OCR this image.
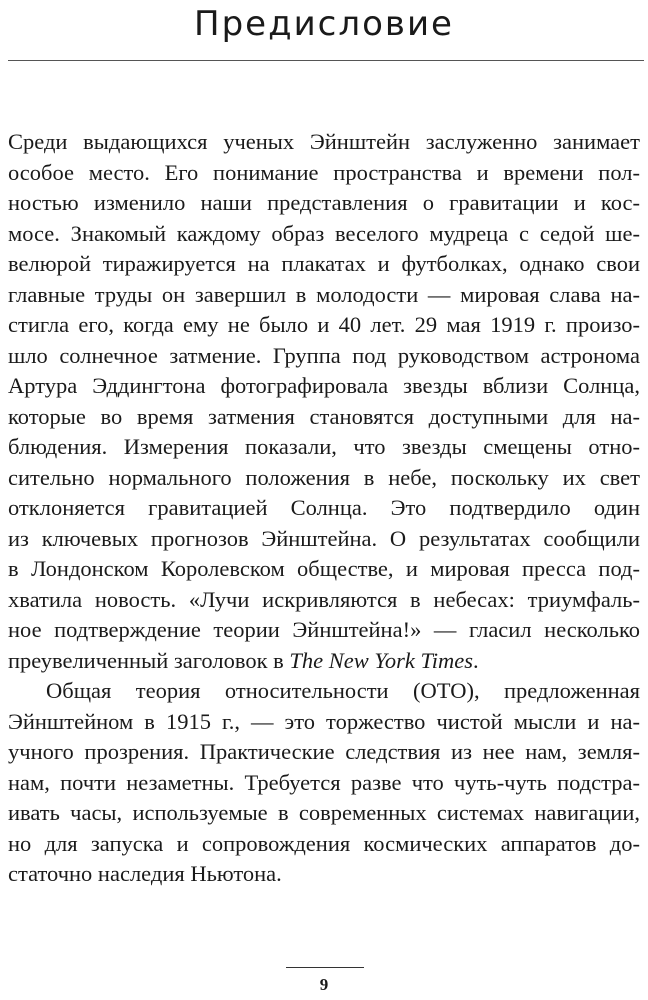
Предисловие
Среди выдающихся ученых Эйнштейн заслуженно занимает
особое место. Его понимание пространства и времени пол-
ностью изменило наши представления о гравитации и кос-
мосе. Знакомый каждому образ веселого мудреца с седой ше-
велюрой тиражируется на плакатах и футболках, однако свои
главные труды он завершил в молодости — мировая слава на-
стигла его, когда ему не было и 40 лет. 29 мая 1919 г. произо-
шло солнечное затмение. Группа под руководством астронома
Артура Эддингтона фотографировала звезды вблизи Солнца,
которые во время затмения становятся доступными для на-
блюдения. Измерения показали, что звезды смещены отно-
сительно нормального положения в небе, поскольку их свет
отклоняется гравитацией Солнца. Это подтвердило один
из ключевых прогнозов Эйнштейна. О результатах сообщили
в Лондонском Королевском обществе, и мировая пресса под-
хватила новость. «Лучи искривляются в небесах: триумфаль-
ное подтверждение теории Эйнштейна!» — гласил несколько
преувеличенный заголовок в The New York Times.
Общая теория относительности (ОТО), предложенная
Эйнштейном в 1915 г., — это торжество чистой мысли и на-
учного прозрения. Практические следствия из нее нам, земля-
нам, почти незаметны. Требуется разве что чуть-чуть подстра-
ивать часы, используемые в современных системах навигации,
но для запуска и сопровождения космических аппаратов до-
статочно наследия Ньютона.
9
